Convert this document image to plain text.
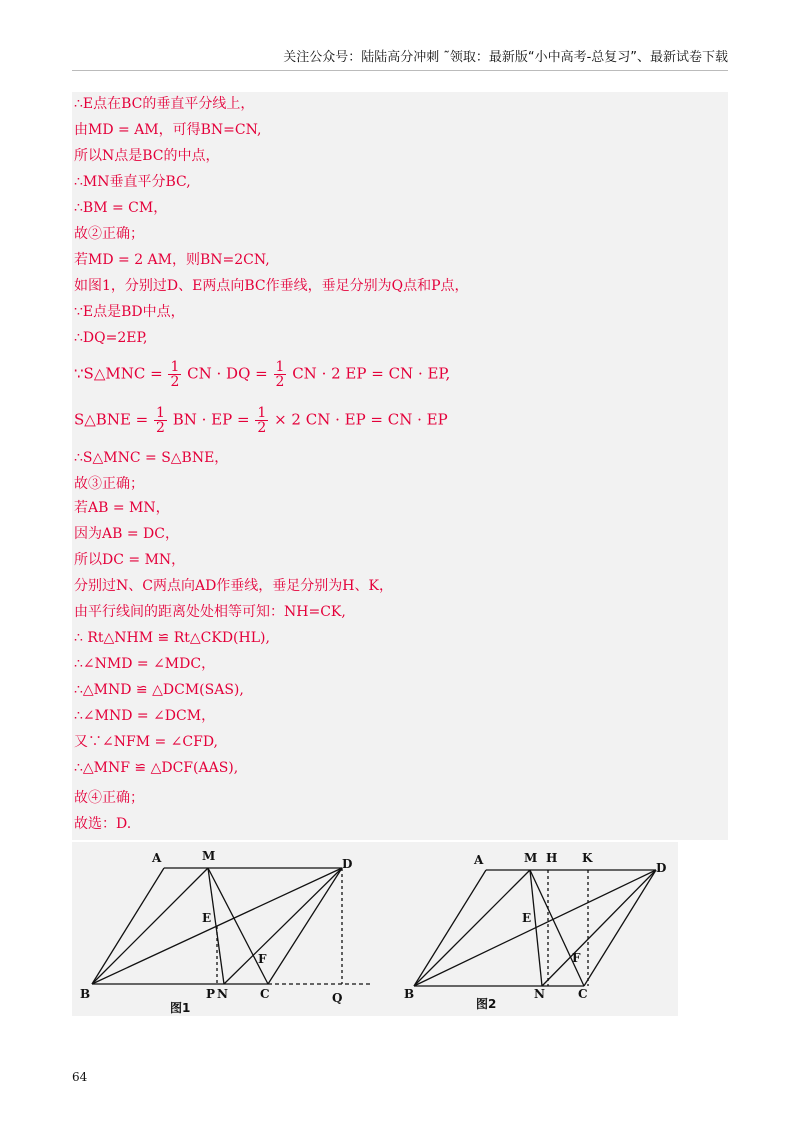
关注公众号：陆陆高分冲刺 ˜领取：最新版“小中高考-总复习”、最新试卷下载
∴E点在BC的垂直平分线上，
由MD = AM，可得BN=CN,
所以N点是BC的中点，
∴MN垂直平分BC,
∴BM = CM，
故②正确；
若MD = 2 AM，则BN=2CN,
如图1，分别过D、E两点向BC作垂线，垂足分别为Q点和P点，
∵E点是BD中点，
∴DQ=2EP,
∵S△MNC = $\frac{1}{2}$ CN · DQ = $\frac{1}{2}$ CN · 2 EP = CN · EP,
S△BNE = $\frac{1}{2}$ BN · EP = $\frac{1}{2} \times 2$ CN · EP = CN · EP
∴S△MNC = S△BNE，
故③正确；
若AB = MN，
因为AB = DC，
所以DC = MN，
分别过N、C两点向AD作垂线，垂足分别为H、K，
由平行线间的距离处处相等可知：NH=CK,
∴ Rt△NHM ≌ Rt△CKD(HL),
∴∠NMD = ∠MDC，
∴△MND ≌ △DCM(SAS),
∴∠MND = ∠DCM，
又∵∠NFM = ∠CFD,
∴△MNF ≌ △DCF(AAS),
故④正确；
故选：D.
A	M
D
E
F
B	P N	C	Q
图1
A	M H K
D
E
F
B	N	C
图2
64
